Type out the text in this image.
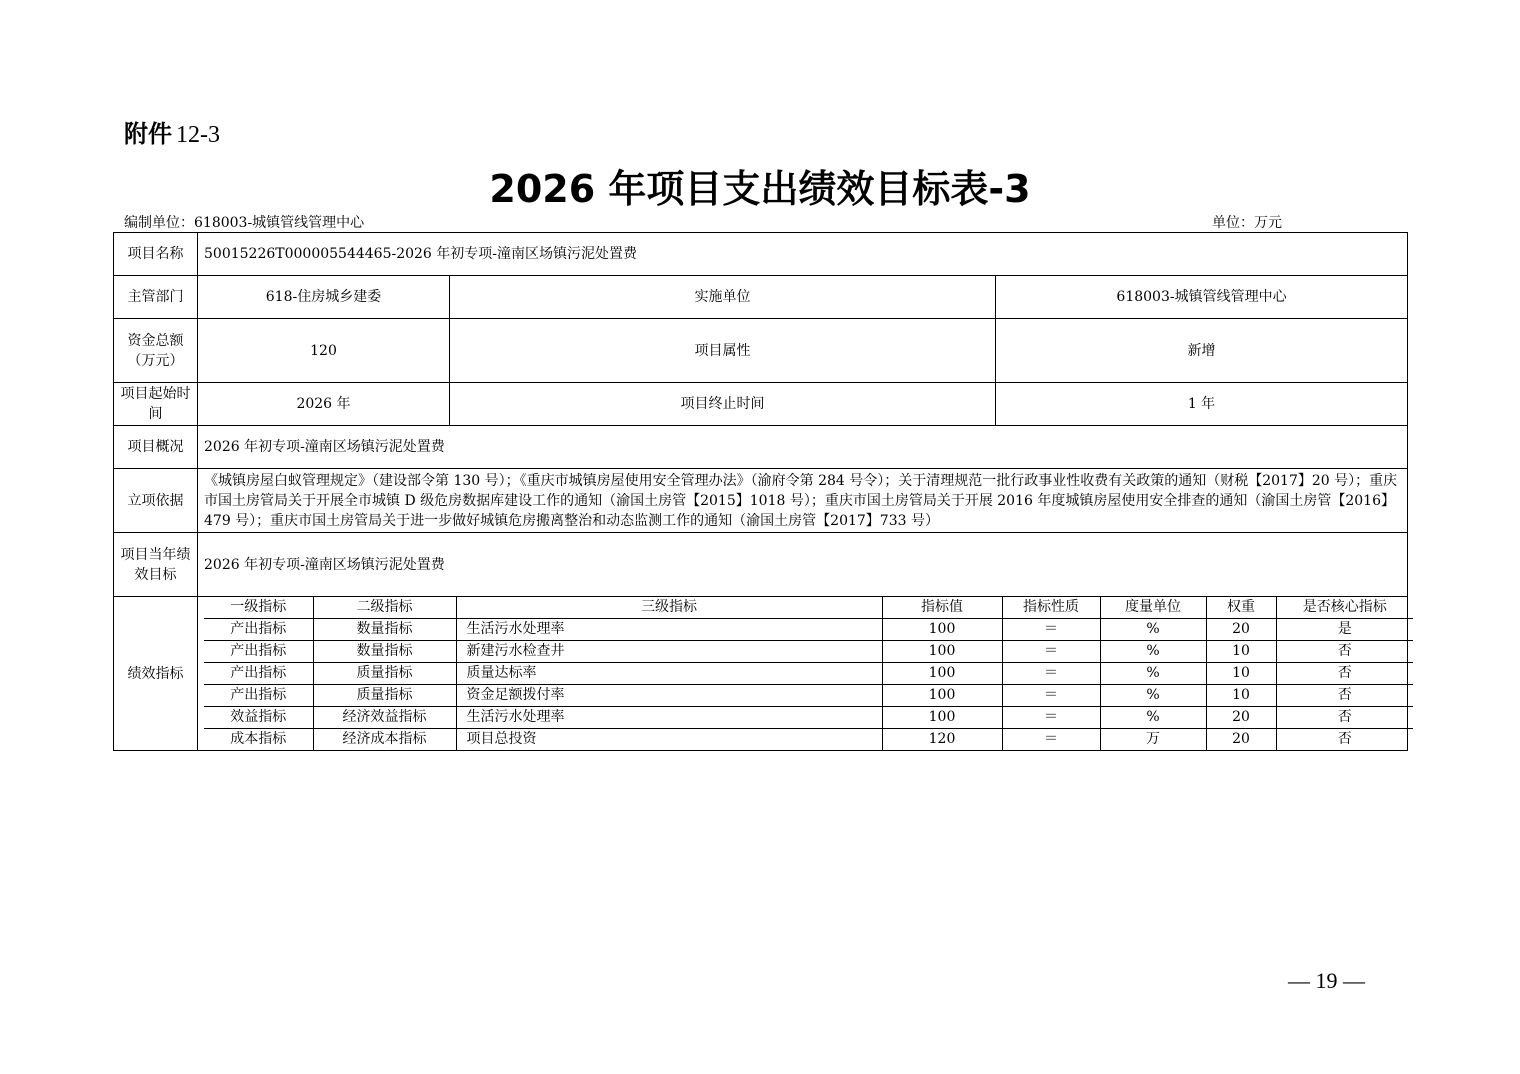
附件 12-3
2026 年项目支出绩效目标表-3
编制单位：618003-城镇管线管理中心	单位：万元
项目名称	50015226T000005544465-2026 年初专项-潼南区场镇污泥处置费
主管部门	618-住房城乡建委	实施单位	618003-城镇管线管理中心
资金总额（万元）	120	项目属性	新增
项目起始时间	2026 年	项目终止时间	1 年
项目概况	2026 年初专项-潼南区场镇污泥处置费
立项依据	《城镇房屋白蚁管理规定》（建设部令第 130 号）；《重庆市城镇房屋使用安全管理办法》（渝府令第 284 号令）；关于清理规范一批行政事业性收费有关政策的通知（财税【2017】20 号）；重庆市国土房管局关于开展全市城镇 D 级危房数据库建设工作的通知（渝国土房管【2015】1018 号）；重庆市国土房管局关于开展 2016 年度城镇房屋使用安全排查的通知（渝国土房管【2016】479 号）；重庆市国土房管局关于进一步做好城镇危房搬离整治和动态监测工作的通知（渝国土房管【2017】733 号）
项目当年绩效目标	2026 年初专项-潼南区场镇污泥处置费
绩效指标	
一级指标	二级指标	三级指标	指标值	指标性质	度量单位	权重	是否核心指标
产出指标	数量指标	生活污水处理率	100	＝	%	20	是
产出指标	数量指标	新建污水检查井	100	＝	%	10	否
产出指标	质量指标	质量达标率	100	＝	%	10	否
产出指标	质量指标	资金足额拨付率	100	＝	%	10	否
效益指标	经济效益指标	生活污水处理率	100	＝	%	20	否
成本指标	经济成本指标	项目总投资	120	＝	万	20	否
— 19 —
